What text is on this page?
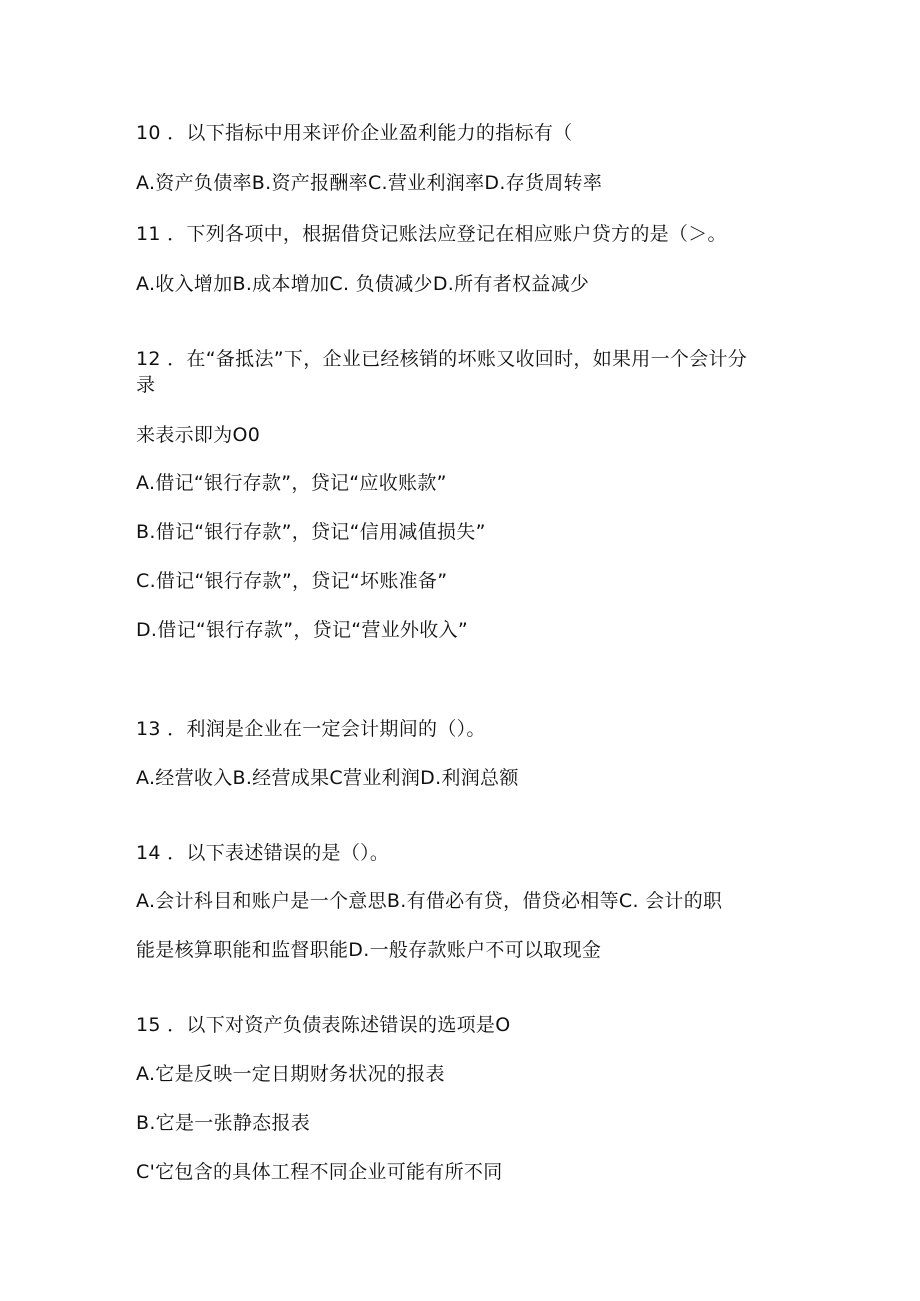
10 ．以下指标中用来评价企业盈利能力的指标有（
A.资产负债率B.资产报酬率C.营业利润率D.存货周转率
11 ．下列各项中，根据借贷记账法应登记在相应账户贷方的是（＞。
A.收入增加B.成本增加C. 负债减少D.所有者权益减少
12 ．在“备抵法”下，企业已经核销的坏账又收回时，如果用一个会计分
录
来表示即为O0
A.借记“银行存款”，贷记“应收账款”
B.借记“银行存款”，贷记“信用减值损失”
C.借记“银行存款”，贷记“坏账准备”
D.借记“银行存款”，贷记“营业外收入”
13 ．利润是企业在一定会计期间的（）。
A.经营收入B.经营成果C营业利润D.利润总额
14 ．以下表述错误的是（）。
A.会计科目和账户是一个意思B.有借必有贷，借贷必相等C. 会计的职
能是核算职能和监督职能D.一般存款账户不可以取现金
15 ．以下对资产负债表陈述错误的选项是O
A.它是反映一定日期财务状况的报表
B.它是一张静态报表
C'它包含的具体工程不同企业可能有所不同
